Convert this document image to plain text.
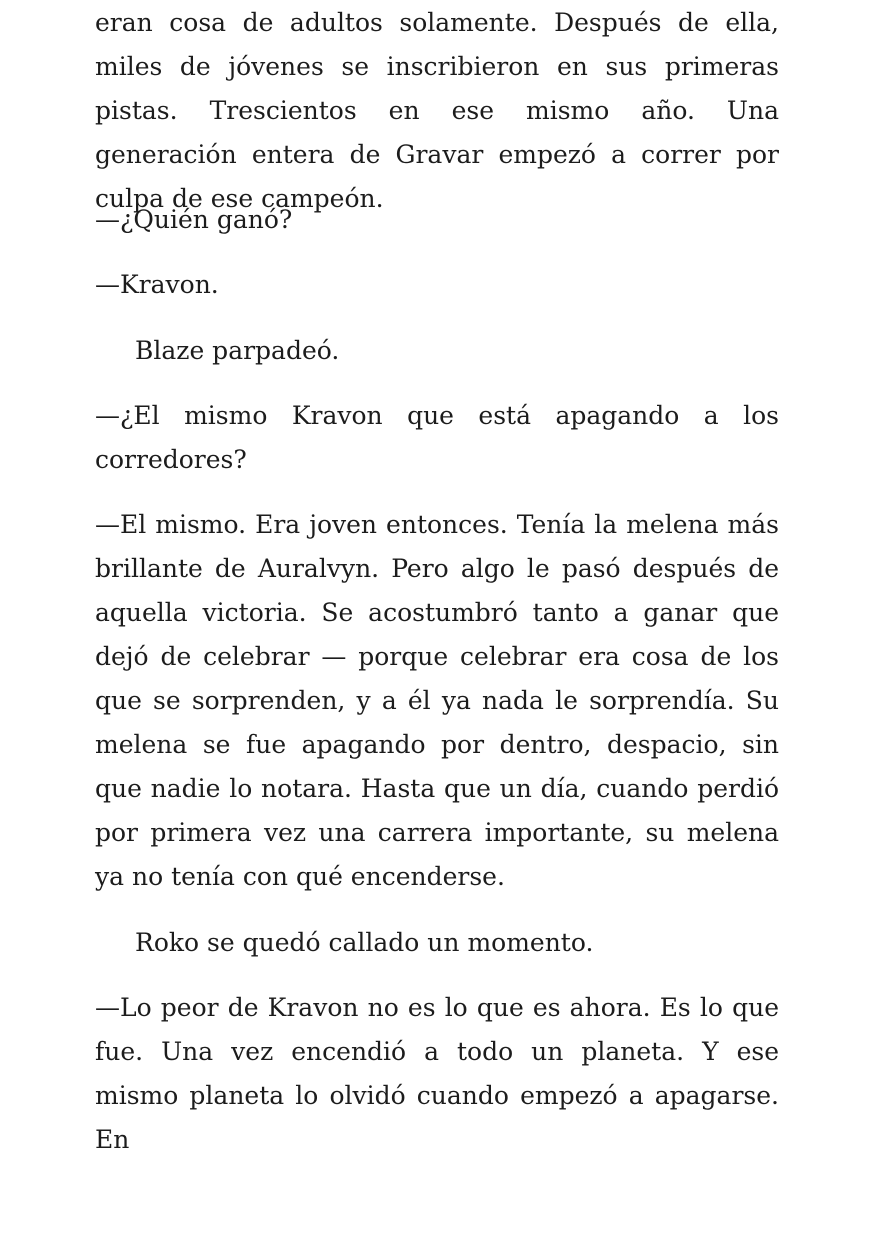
eran cosa de adultos solamente. Después de ella, miles de jóvenes se inscribieron en sus primeras pistas. Trescientos en ese mismo año. Una generación entera de Gravar empezó a correr por culpa de ese campeón.

—¿Quién ganó?

—Kravon.

Blaze parpadeó.

—¿El mismo Kravon que está apagando a los corredores?

—El mismo. Era joven entonces. Tenía la melena más brillante de Auralvyn. Pero algo le pasó después de aquella victoria. Se acostumbró tanto a ganar que dejó de celebrar — porque celebrar era cosa de los que se sorprenden, y a él ya nada le sorprendía. Su melena se fue apagando por dentro, despacio, sin que nadie lo notara. Hasta que un día, cuando perdió por primera vez una carrera importante, su melena ya no tenía con qué encenderse.

Roko se quedó callado un momento.

—Lo peor de Kravon no es lo que es ahora. Es lo que fue. Una vez encendió a todo un planeta. Y ese mismo planeta lo olvidó cuando empezó a apagarse. En
